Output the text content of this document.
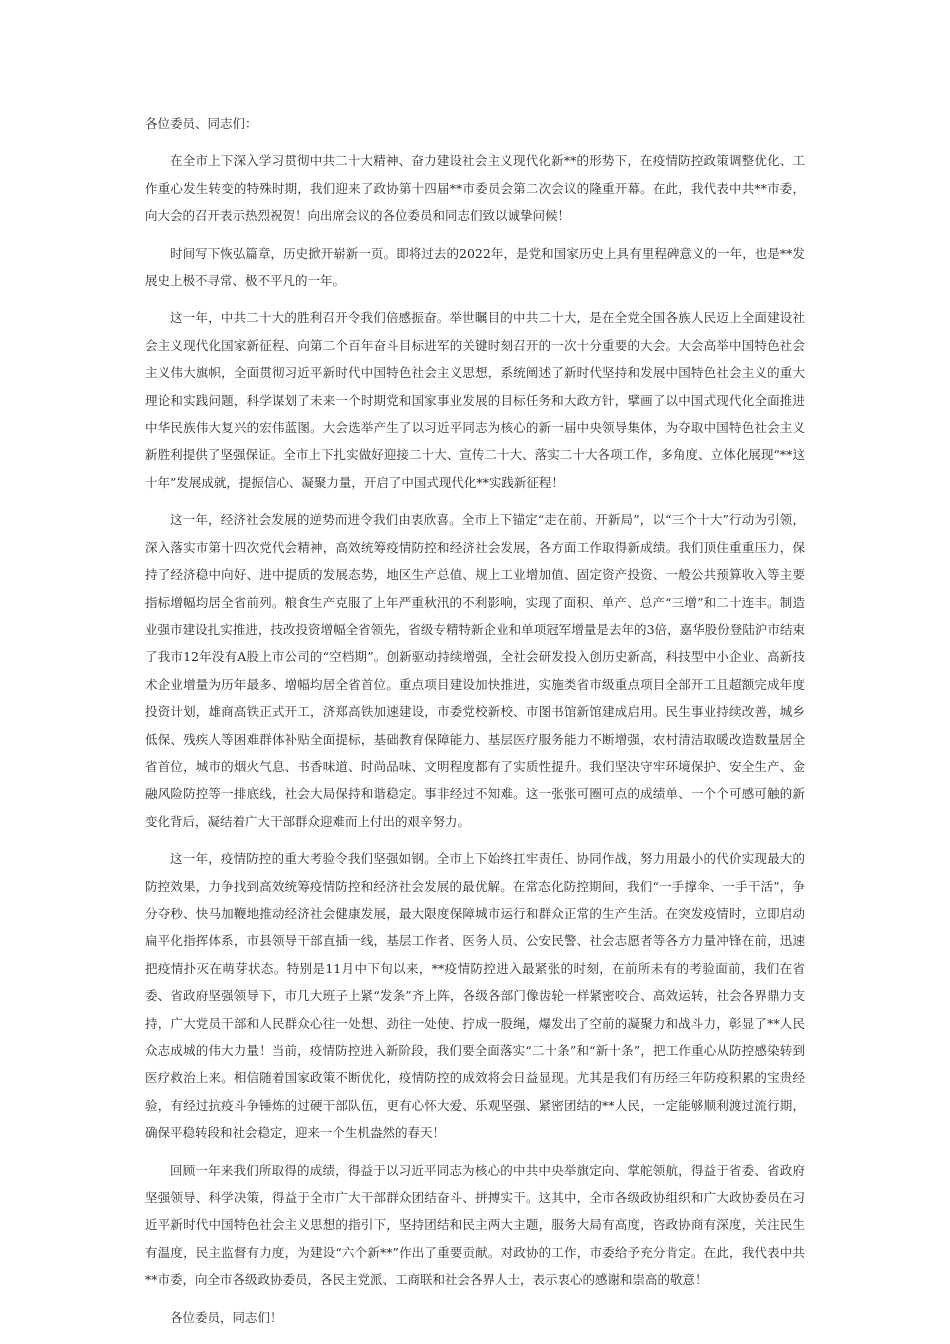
各位委员、同志们：

在全市上下深入学习贯彻中共二十大精神、奋力建设社会主义现代化新**的形势下，在疫情防控政策调整优化、工作重心发生转变的特殊时期，我们迎来了政协第十四届**市委员会第二次会议的隆重开幕。在此，我代表中共**市委，向大会的召开表示热烈祝贺！向出席会议的各位委员和同志们致以诚挚问候！

时间写下恢弘篇章，历史掀开崭新一页。即将过去的2022年，是党和国家历史上具有里程碑意义的一年，也是**发展史上极不寻常、极不平凡的一年。

这一年，中共二十大的胜利召开令我们倍感振奋。举世瞩目的中共二十大，是在全党全国各族人民迈上全面建设社会主义现代化国家新征程、向第二个百年奋斗目标进军的关键时刻召开的一次十分重要的大会。大会高举中国特色社会主义伟大旗帜，全面贯彻习近平新时代中国特色社会主义思想，系统阐述了新时代坚持和发展中国特色社会主义的重大理论和实践问题，科学谋划了未来一个时期党和国家事业发展的目标任务和大政方针，擘画了以中国式现代化全面推进中华民族伟大复兴的宏伟蓝图。大会选举产生了以习近平同志为核心的新一届中央领导集体，为夺取中国特色社会主义新胜利提供了坚强保证。全市上下扎实做好迎接二十大、宣传二十大、落实二十大各项工作，多角度、立体化展现“**这十年”发展成就，提振信心、凝聚力量，开启了中国式现代化**实践新征程！

这一年，经济社会发展的逆势而进令我们由衷欣喜。全市上下锚定“走在前、开新局”，以“三个十大”行动为引领，深入落实市第十四次党代会精神，高效统筹疫情防控和经济社会发展，各方面工作取得新成绩。我们顶住重重压力，保持了经济稳中向好、进中提质的发展态势，地区生产总值、规上工业增加值、固定资产投资、一般公共预算收入等主要指标增幅均居全省前列。粮食生产克服了上年严重秋汛的不利影响，实现了面积、单产、总产“三增”和二十连丰。制造业强市建设扎实推进，技改投资增幅全省领先，省级专精特新企业和单项冠军增量是去年的3倍，嘉华股份登陆沪市结束了我市12年没有A股上市公司的“空档期”。创新驱动持续增强，全社会研发投入创历史新高，科技型中小企业、高新技术企业增量为历年最多、增幅均居全省首位。重点项目建设加快推进，实施类省市级重点项目全部开工且超额完成年度投资计划，雄商高铁正式开工，济郑高铁加速建设，市委党校新校、市图书馆新馆建成启用。民生事业持续改善，城乡低保、残疾人等困难群体补贴全面提标，基础教育保障能力、基层医疗服务能力不断增强，农村清洁取暖改造数量居全省首位，城市的烟火气息、书香味道、时尚品味、文明程度都有了实质性提升。我们坚决守牢环境保护、安全生产、金融风险防控等一排底线，社会大局保持和谐稳定。事非经过不知难。这一张张可圈可点的成绩单、一个个可感可触的新变化背后，凝结着广大干部群众迎难而上付出的艰辛努力。

这一年，疫情防控的重大考验令我们坚强如钢。全市上下始终扛牢责任、协同作战，努力用最小的代价实现最大的防控效果，力争找到高效统筹疫情防控和经济社会发展的最优解。在常态化防控期间，我们“一手撑伞、一手干活”，争分夺秒、快马加鞭地推动经济社会健康发展，最大限度保障城市运行和群众正常的生产生活。在突发疫情时，立即启动扁平化指挥体系，市县领导干部直插一线，基层工作者、医务人员、公安民警、社会志愿者等各方力量冲锋在前，迅速把疫情扑灭在萌芽状态。特别是11月中下旬以来，**疫情防控进入最紧张的时刻，在前所未有的考验面前，我们在省委、省政府坚强领导下，市几大班子上紧“发条”齐上阵，各级各部门像齿轮一样紧密咬合、高效运转，社会各界鼎力支持，广大党员干部和人民群众心往一处想、劲往一处使、拧成一股绳，爆发出了空前的凝聚力和战斗力，彰显了**人民众志成城的伟大力量！当前，疫情防控进入新阶段，我们要全面落实“二十条”和“新十条”，把工作重心从防控感染转到医疗救治上来。相信随着国家政策不断优化，疫情防控的成效将会日益显现。尤其是我们有历经三年防疫积累的宝贵经验，有经过抗疫斗争锤炼的过硬干部队伍，更有心怀大爱、乐观坚强、紧密团结的**人民，一定能够顺利渡过流行期，确保平稳转段和社会稳定，迎来一个生机盎然的春天！

回顾一年来我们所取得的成绩，得益于以习近平同志为核心的中共中央举旗定向、掌舵领航，得益于省委、省政府坚强领导、科学决策，得益于全市广大干部群众团结奋斗、拼搏实干。这其中，全市各级政协组织和广大政协委员在习近平新时代中国特色社会主义思想的指引下，坚持团结和民主两大主题，服务大局有高度，咨政协商有深度，关注民生有温度，民主监督有力度，为建设“六个新**”作出了重要贡献。对政协的工作，市委给予充分肯定。在此，我代表中共**市委，向全市各级政协委员，各民主党派、工商联和社会各界人士，表示衷心的感谢和崇高的敬意！

各位委员，同志们！
